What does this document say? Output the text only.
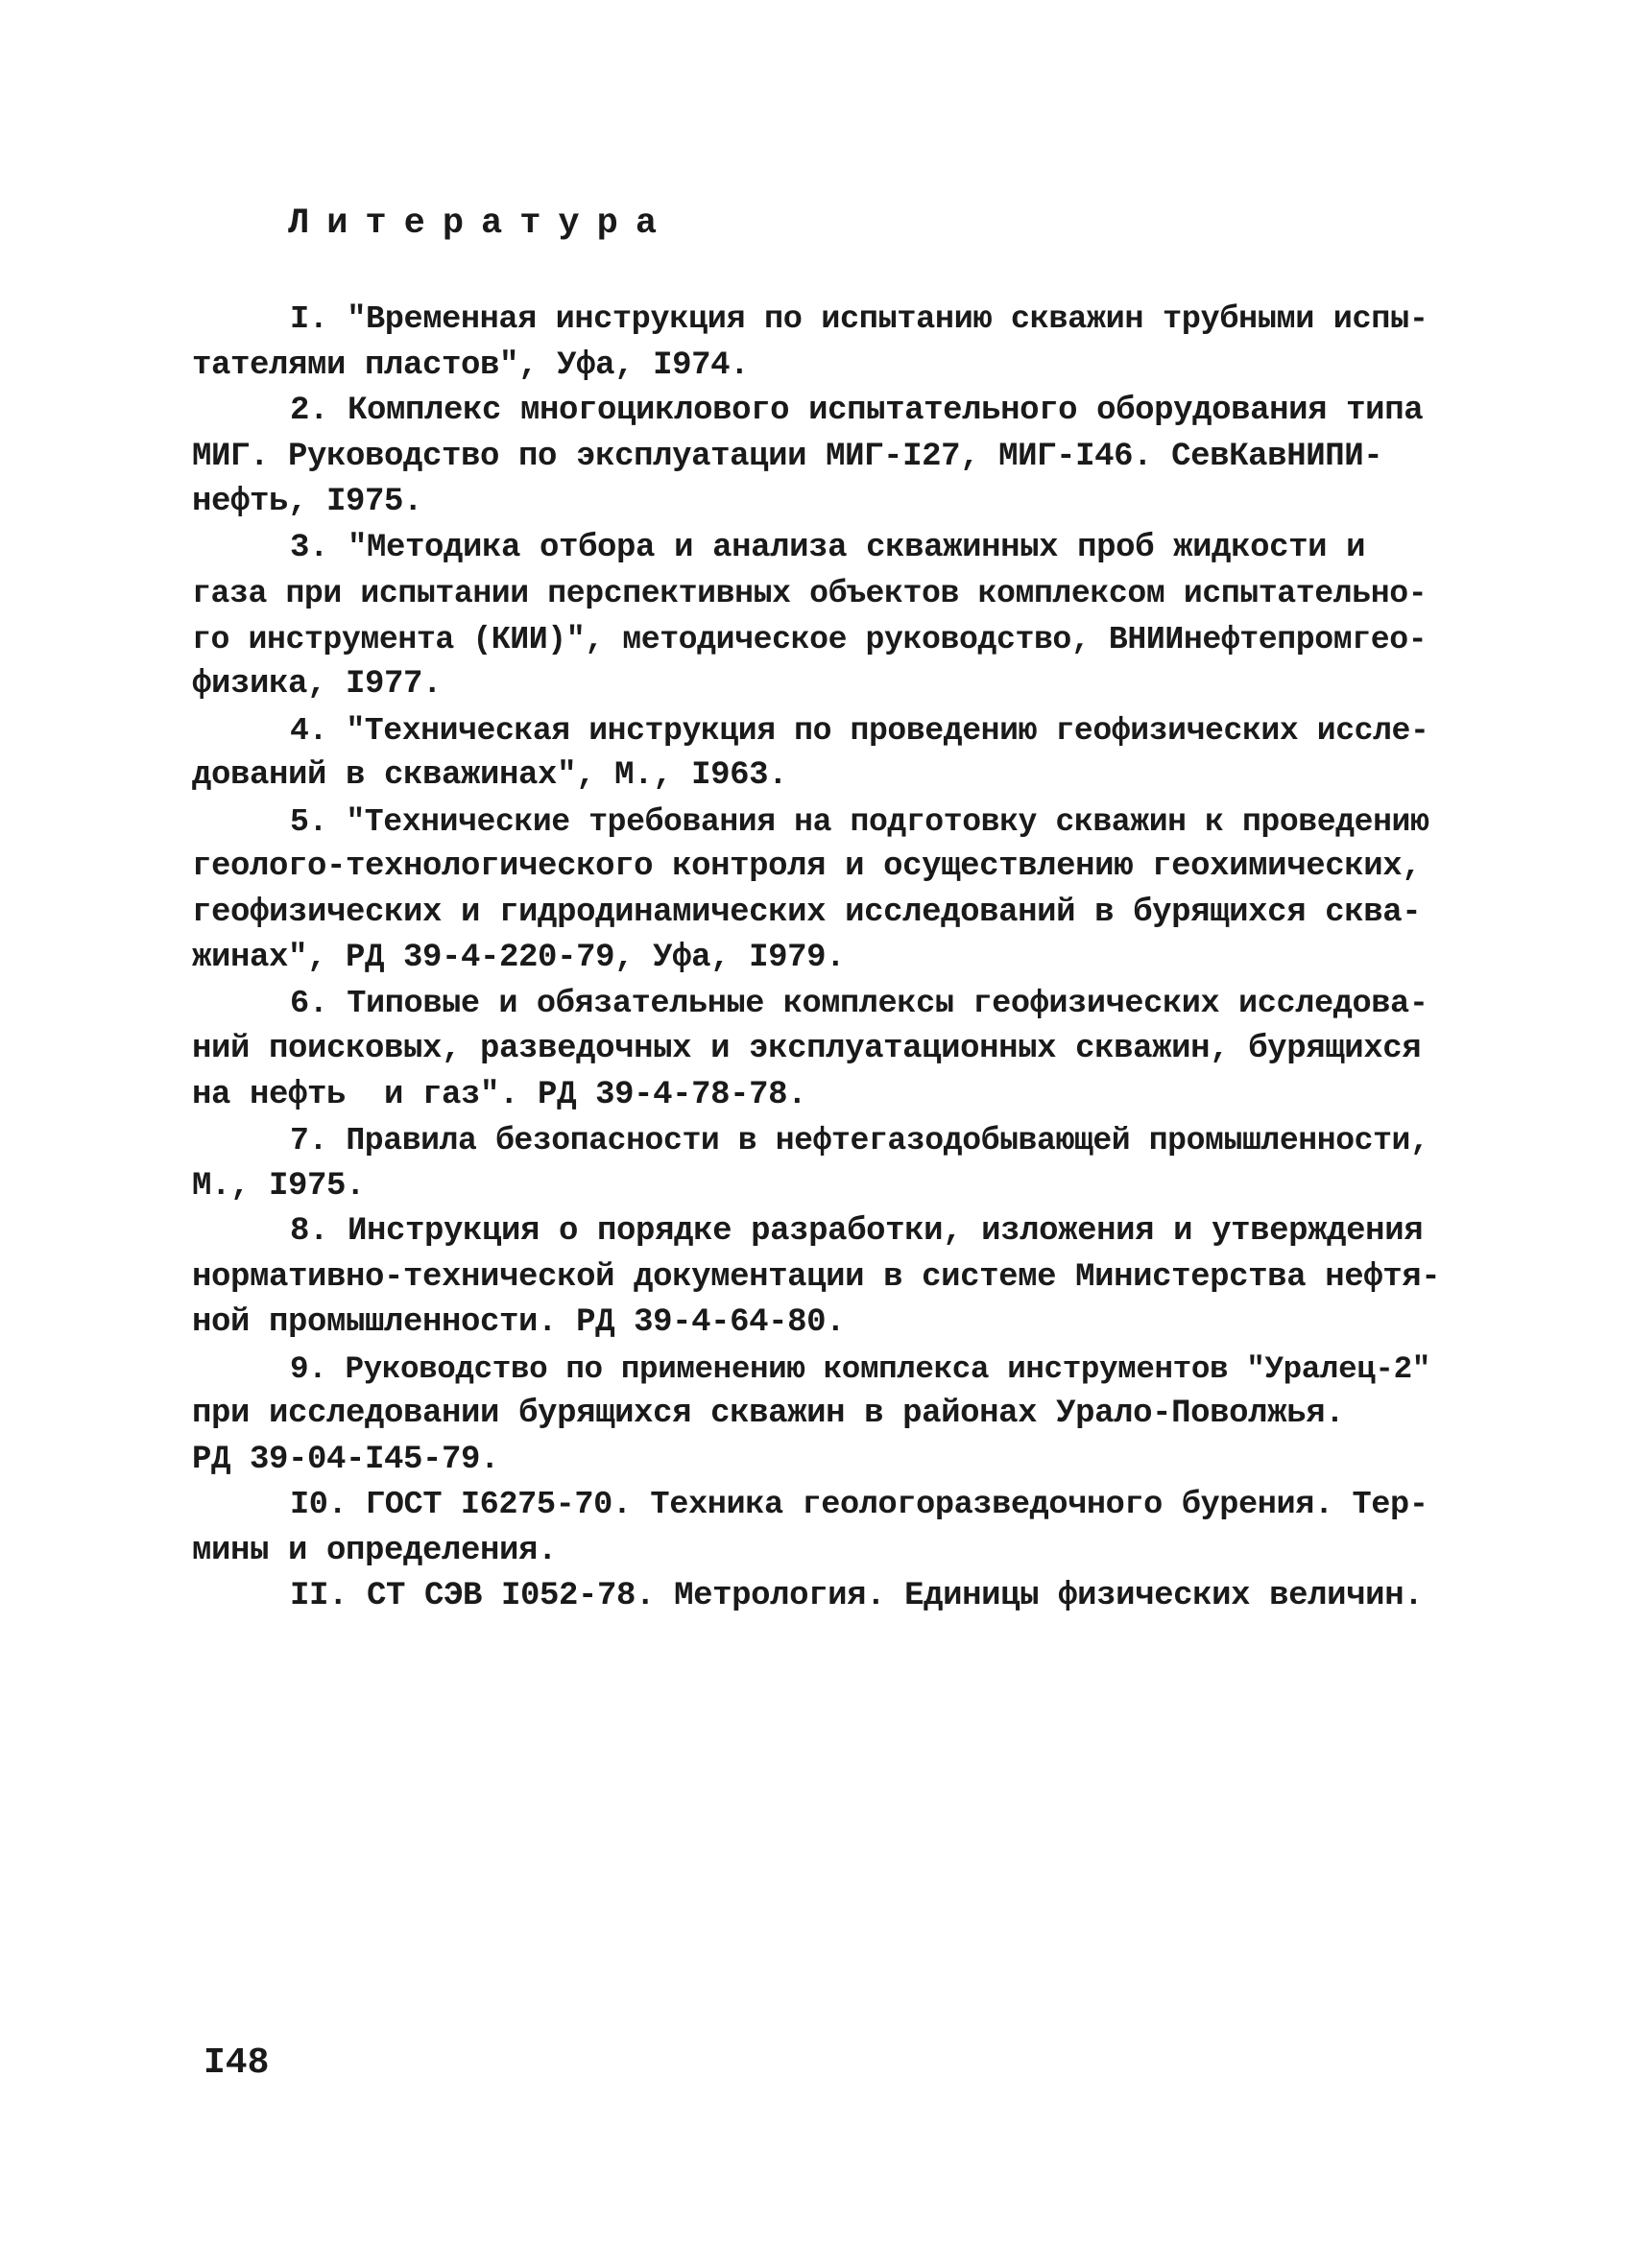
Литература
I. "Временная инструкция по испытанию скважин трубными испы-
тателями пластов", Уфа, I974.
2. Комплекс многоциклового испытательного оборудования типа
МИГ. Руководство по эксплуатации МИГ-I27, МИГ-I46. СевКавНИПИ-
нефть, I975.
3. "Методика отбора и анализа скважинных проб жидкости и
газа при испытании перспективных объектов комплексом испытательно-
го инструмента (КИИ)", методическое руководство, ВНИИнефтепромгео-
физика, I977.
4. "Техническая инструкция по проведению геофизических иссле-
дований в скважинах", М., I963.
5. "Технические требования на подготовку скважин к проведению
геолого-технологического контроля и осуществлению геохимических,
геофизических и гидродинамических исследований в бурящихся сква-
жинах", РД 39-4-220-79, Уфа, I979.
6. Типовые и обязательные комплексы геофизических исследова-
ний поисковых, разведочных и эксплуатационных скважин, бурящихся
на нефть  и газ". РД 39-4-78-78.
7. Правила безопасности в нефтегазодобывающей промышленности,
М., I975.
8. Инструкция о порядке разработки, изложения и утверждения
нормативно-технической документации в системе Министерства нефтя-
ной промышленности. РД 39-4-64-80.
9. Руководство по применению комплекса инструментов "Уралец-2"
при исследовании бурящихся скважин в районах Урало-Поволжья.
РД 39-04-I45-79.
I0. ГОСТ I6275-70. Техника геологоразведочного бурения. Тер-
мины и определения.
II. СТ СЭВ I052-78. Метрология. Единицы физических величин.
I48
